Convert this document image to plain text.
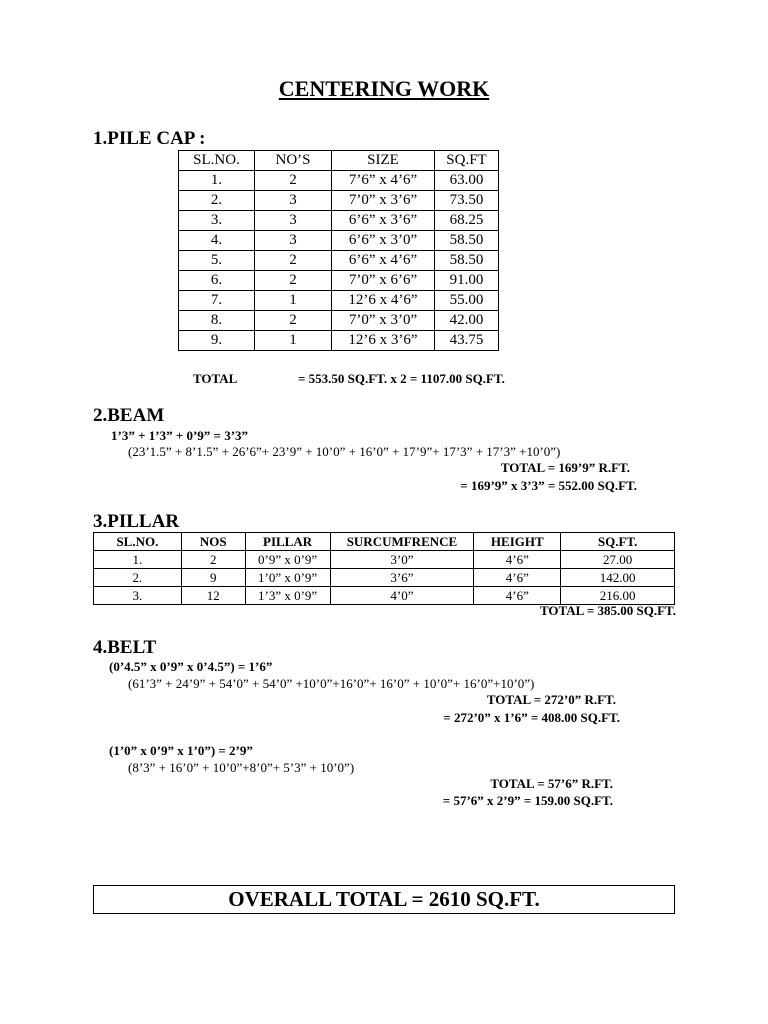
CENTERING WORK
1.PILE CAP :
SL.NO.	NO’S	SIZE	SQ.FT
1.	2	7’6” x 4’6”	63.00
2.	3	7’0” x 3’6”	73.50
3.	3	6’6” x 3’6”	68.25
4.	3	6’6” x 3’0”	58.50
5.	2	6’6” x 4’6”	58.50
6.	2	7’0” x 6’6”	91.00
7.	1	12’6 x 4’6”	55.00
8.	2	7’0” x 3’0”	42.00
9.	1	12’6 x 3’6”	43.75
TOTAL	= 553.50 SQ.FT. x 2 = 1107.00 SQ.FT.
2.BEAM
1’3” + 1’3” + 0’9” = 3’3”
(23’1.5” + 8’1.5” + 26’6”+ 23’9” + 10’0” + 16’0” + 17’9”+ 17’3” + 17’3” +10’0”)
TOTAL = 169’9” R.FT.
= 169’9” x 3’3” = 552.00 SQ.FT.
3.PILLAR
SL.NO.	NOS	PILLAR	SURCUMFRENCE	HEIGHT	SQ.FT.
1.	2	0’9” x 0’9”	3’0”	4’6”	27.00
2.	9	1’0” x 0’9”	3’6”	4’6”	142.00
3.	12	1’3” x 0’9”	4’0”	4’6”	216.00
TOTAL = 385.00 SQ.FT.
4.BELT
(0’4.5” x 0’9” x 0’4.5”) = 1’6”
(61’3” + 24’9” + 54’0” + 54’0” +10’0”+16’0”+ 16’0” + 10’0”+ 16’0”+10’0”)
TOTAL = 272’0” R.FT.
= 272’0” x 1’6” = 408.00 SQ.FT.
(1’0” x 0’9” x 1’0”) = 2’9”
(8’3” + 16’0” + 10’0”+8’0”+ 5’3” + 10’0”)
TOTAL = 57’6” R.FT.
= 57’6” x 2’9” = 159.00 SQ.FT.
OVERALL TOTAL = 2610 SQ.FT.
